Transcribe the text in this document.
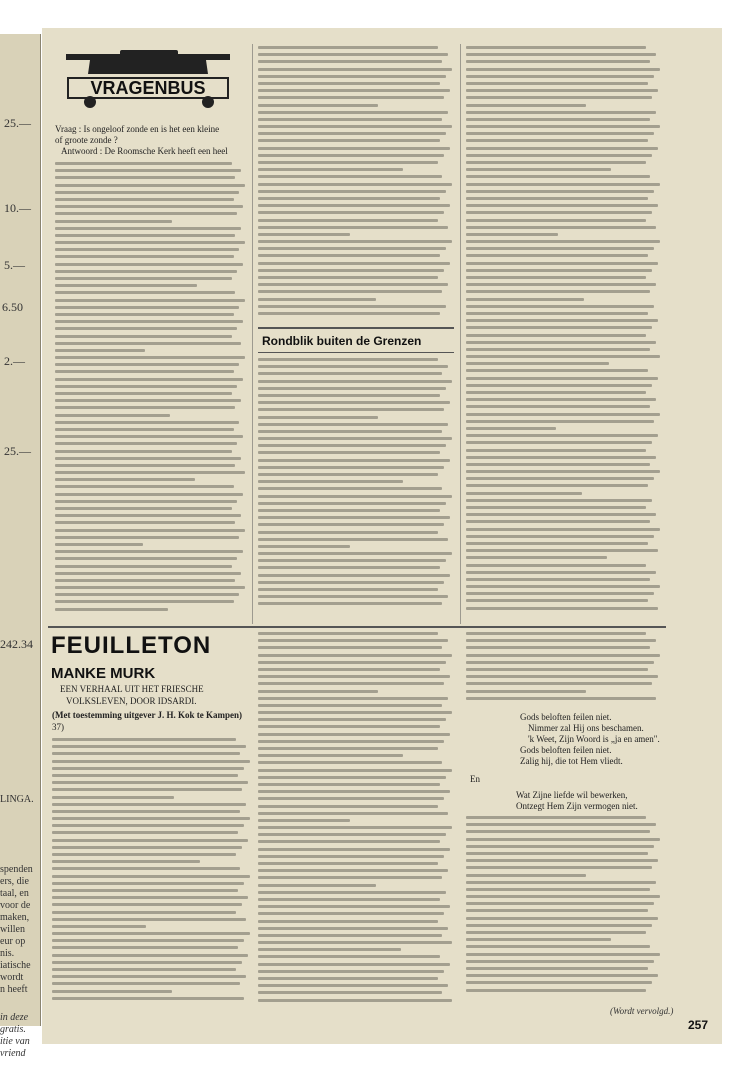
25.—
10.—
5.—
6.50
2.—
25.—
242.34
LINGA.
spenden
ers, die
taal, en
voor de
maken,
willen
eur op
nis.
iatische
wordt
n heeft
in deze
gratis.
itie van
vriend
VRAGENBUS
Vraag : Is ongeloof zonde en is het een kleine
of groote zonde ?
Antwoord : De Roomsche Kerk heeft een heel
Rondblik buiten de Grenzen
FEUILLETON
MANKE MURK
EEN VERHAAL UIT HET FRIESCHE
VOLKSLEVEN, DOOR IDSARDI.
(Met toestemming uitgever J. H. Kok te Kampen)
37)
Gods beloften feilen niet.
Nimmer zal Hij ons beschamen.
'k Weet, Zijn Woord is „ja en amen".
Gods beloften feilen niet.
Zalig hij, die tot Hem vliedt.
En
Wat Zijne liefde wil bewerken,
Ontzegt Hem Zijn vermogen niet.
(Wordt vervolgd.)
257
